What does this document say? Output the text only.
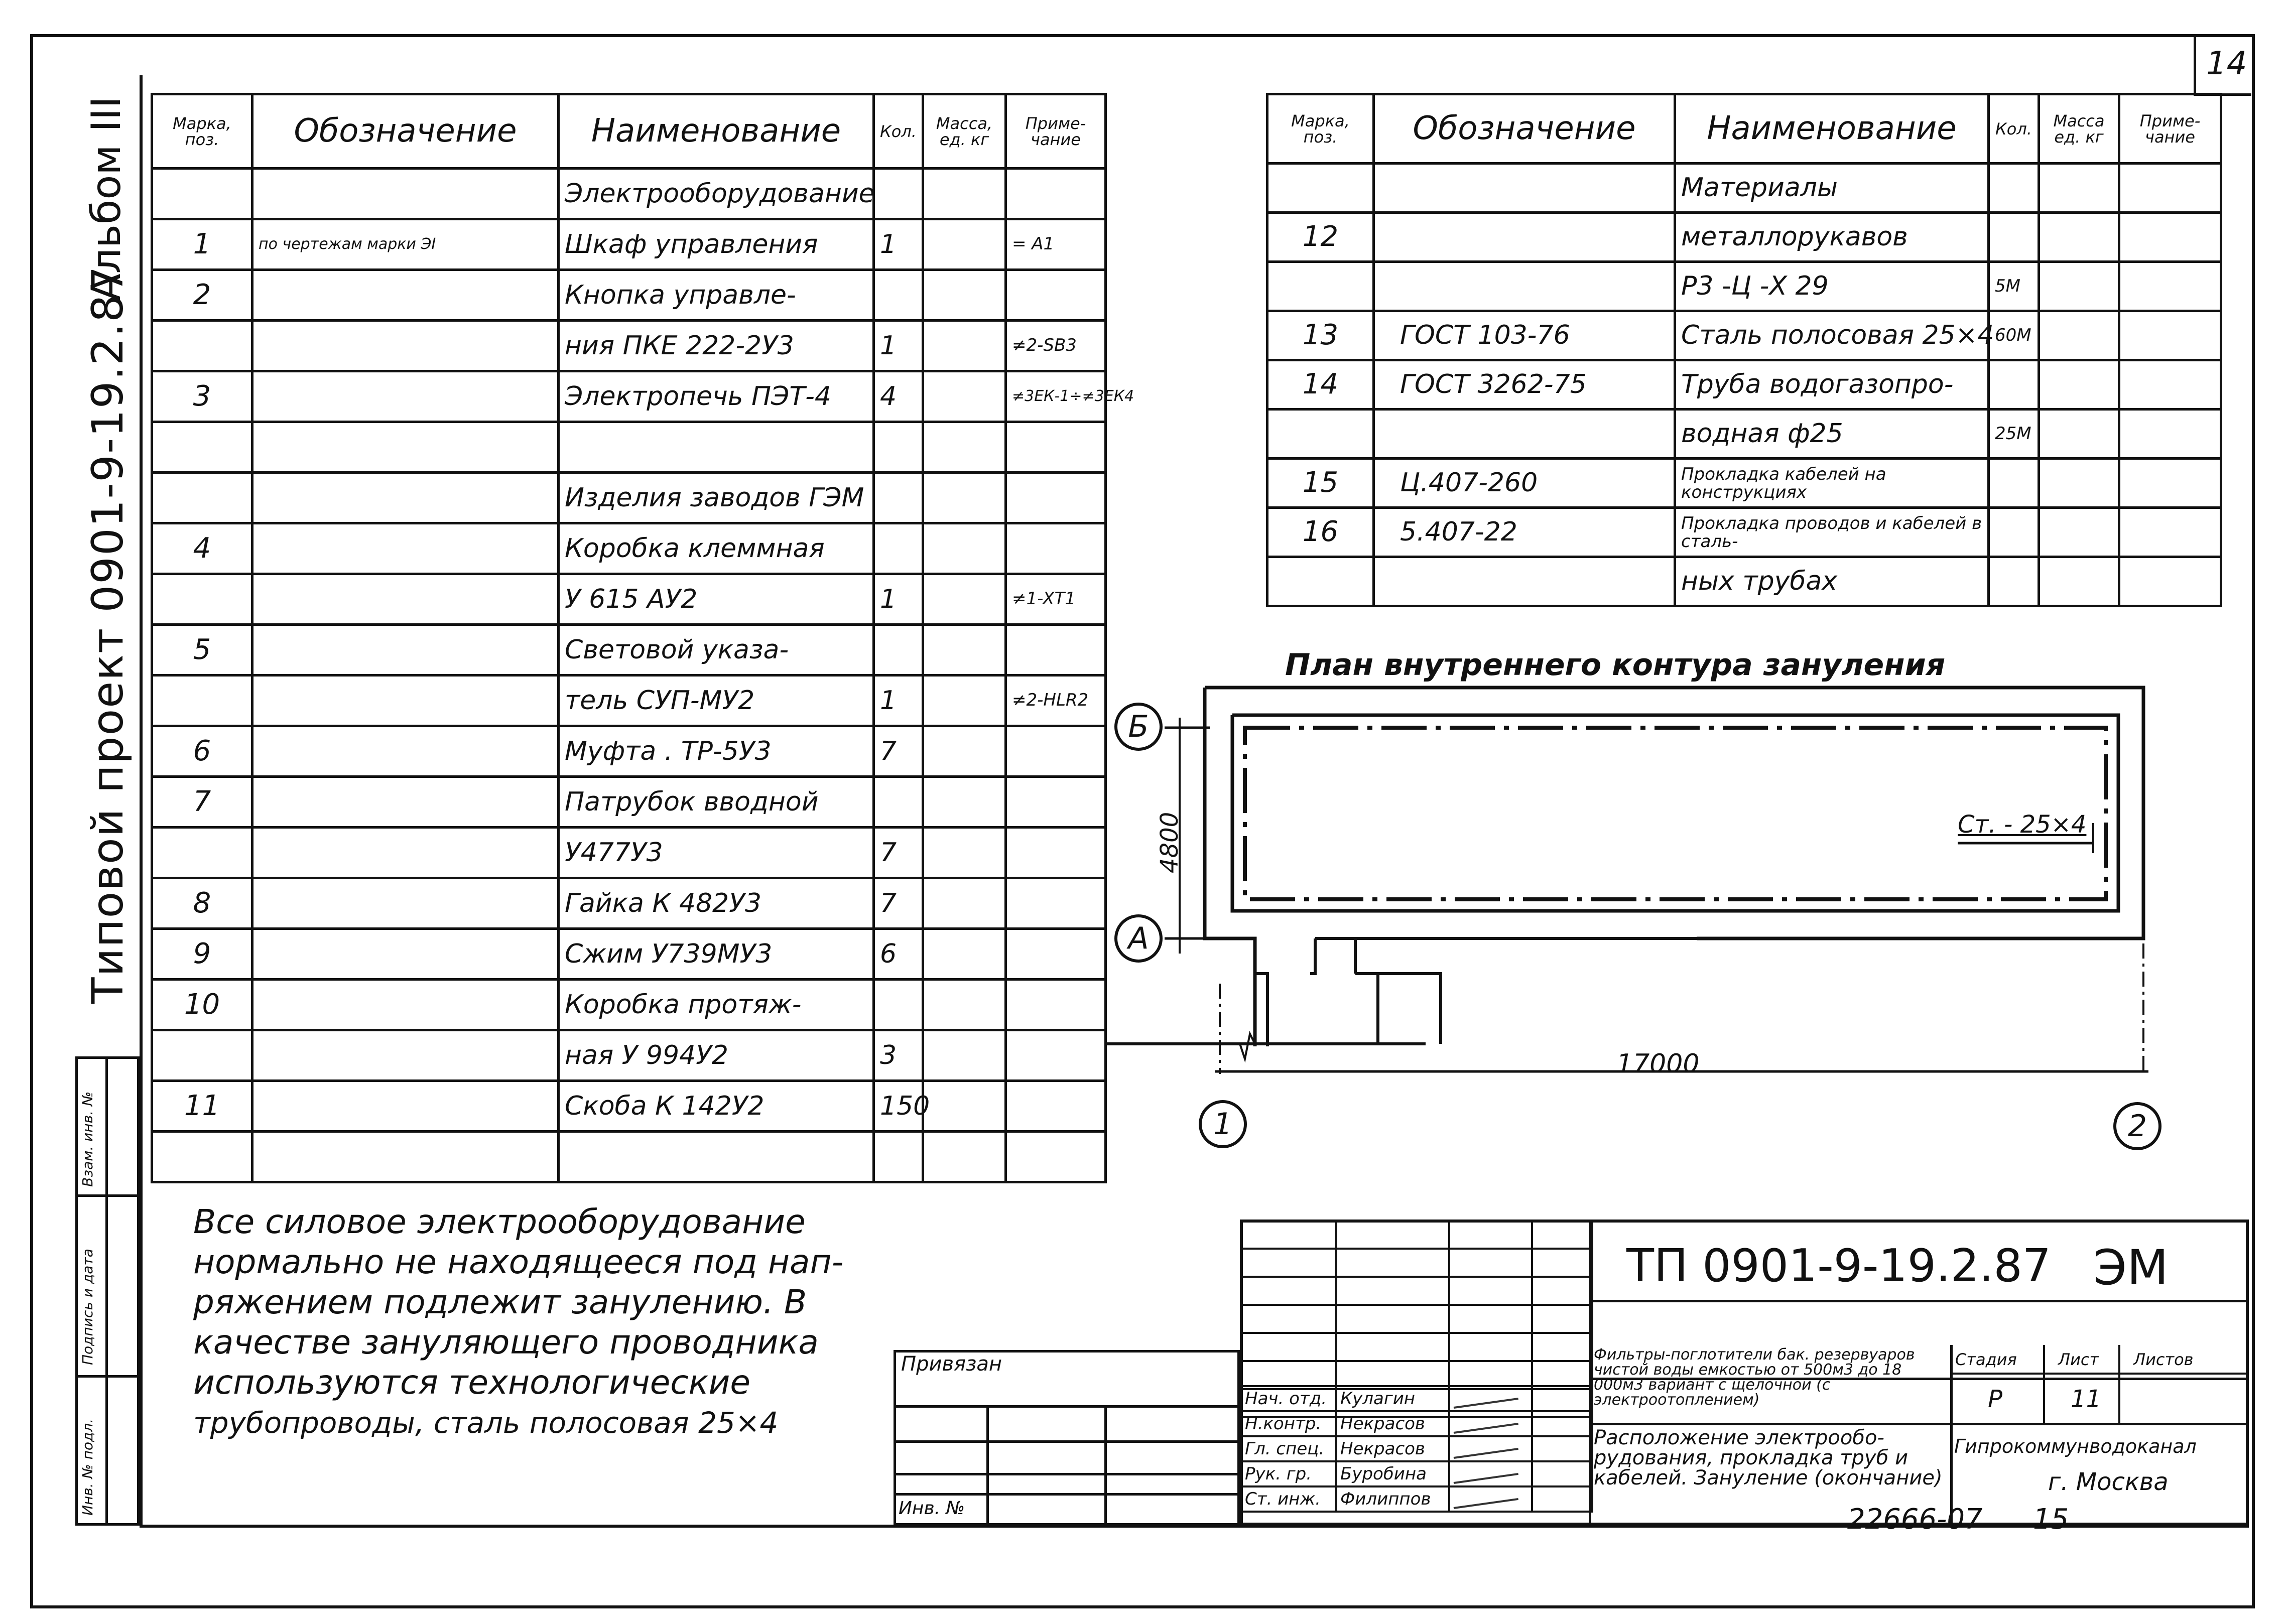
14
Альбом III
Типовой проект 0901-9-19.2.87
Взам. инв. №
Подпись и дата
Инв. № подл.
Марка, поз.	Обозначение	Наименование	Кол.	Масса, ед. кг	Приме-чание
		Электрооборудование			
1	по чертежам марки ЭI	Шкаф управления	1		= A1
2		Кнопка управле-			
		ния ПКЕ 222-2У3	1		≠2-SB3
3		Электропечь ПЭТ-4	4		≠3ЕК-1÷≠3ЕК4

		Изделия заводов ГЭМ			
4		Коробка клеммная			
		У 615 АУ2	1		≠1-XT1
5		Световой указа-			
		тель СУП-МУ2	1		≠2-HLR2
6		Муфта . ТР-5У3	7		
7		Патрубок вводной			
		У477У3	7		
8		Гайка К 482У3	7		
9		Сжим У739МУ3	6		
10		Коробка протяж-			
		ная У 994У2	3		
11		Скоба К 142У2	150		

Марка, поз.	Обозначение	Наименование	Кол.	Масса ед. кг	Приме-чание
		Материалы			
12		металлорукавов			
		Р3 -Ц -Х 29	5М		
13	ГОСТ 103-76	Сталь полосовая 25×4	60М		
14	ГОСТ 3262-75	Труба водогазопро-			
		водная ф25	25М		
15	Ц.407-260	Прокладка кабелей на конструкциях			
16	5.407-22	Прокладка проводов и кабелей в сталь-			
		ных трубах			
План внутреннего контура зануления
Б
А
1	2
4800
17000
Ст. - 25×4
Все силовое электрооборудование
нормально не находящееся под нап-
ряжением подлежит занулению. В
качестве зануляющего проводника
используются технологические
трубопроводы, сталь полосовая 25×4
Привязан
Инв. №

Нач. отд.	Кулагин		
Н.контр.	Некрасов		
Гл. спец.	Некрасов		
Рук. гр.	Буробина		
Ст. инж.	Филиппов		
ТП 0901-9-19.2.87 ЭМ
Фильтры-поглотители бак. резервуаров чистой воды емкостью от 500м3 до 18 000м3 вариант с щелочной (с электроотоплением)
Расположение электрообо-рудования, прокладка труб и кабелей. Зануление (окончание)
Стадия	Лист Листов
Р	11
Гипрокоммунводоканал
г. Москва
22666-07 15
